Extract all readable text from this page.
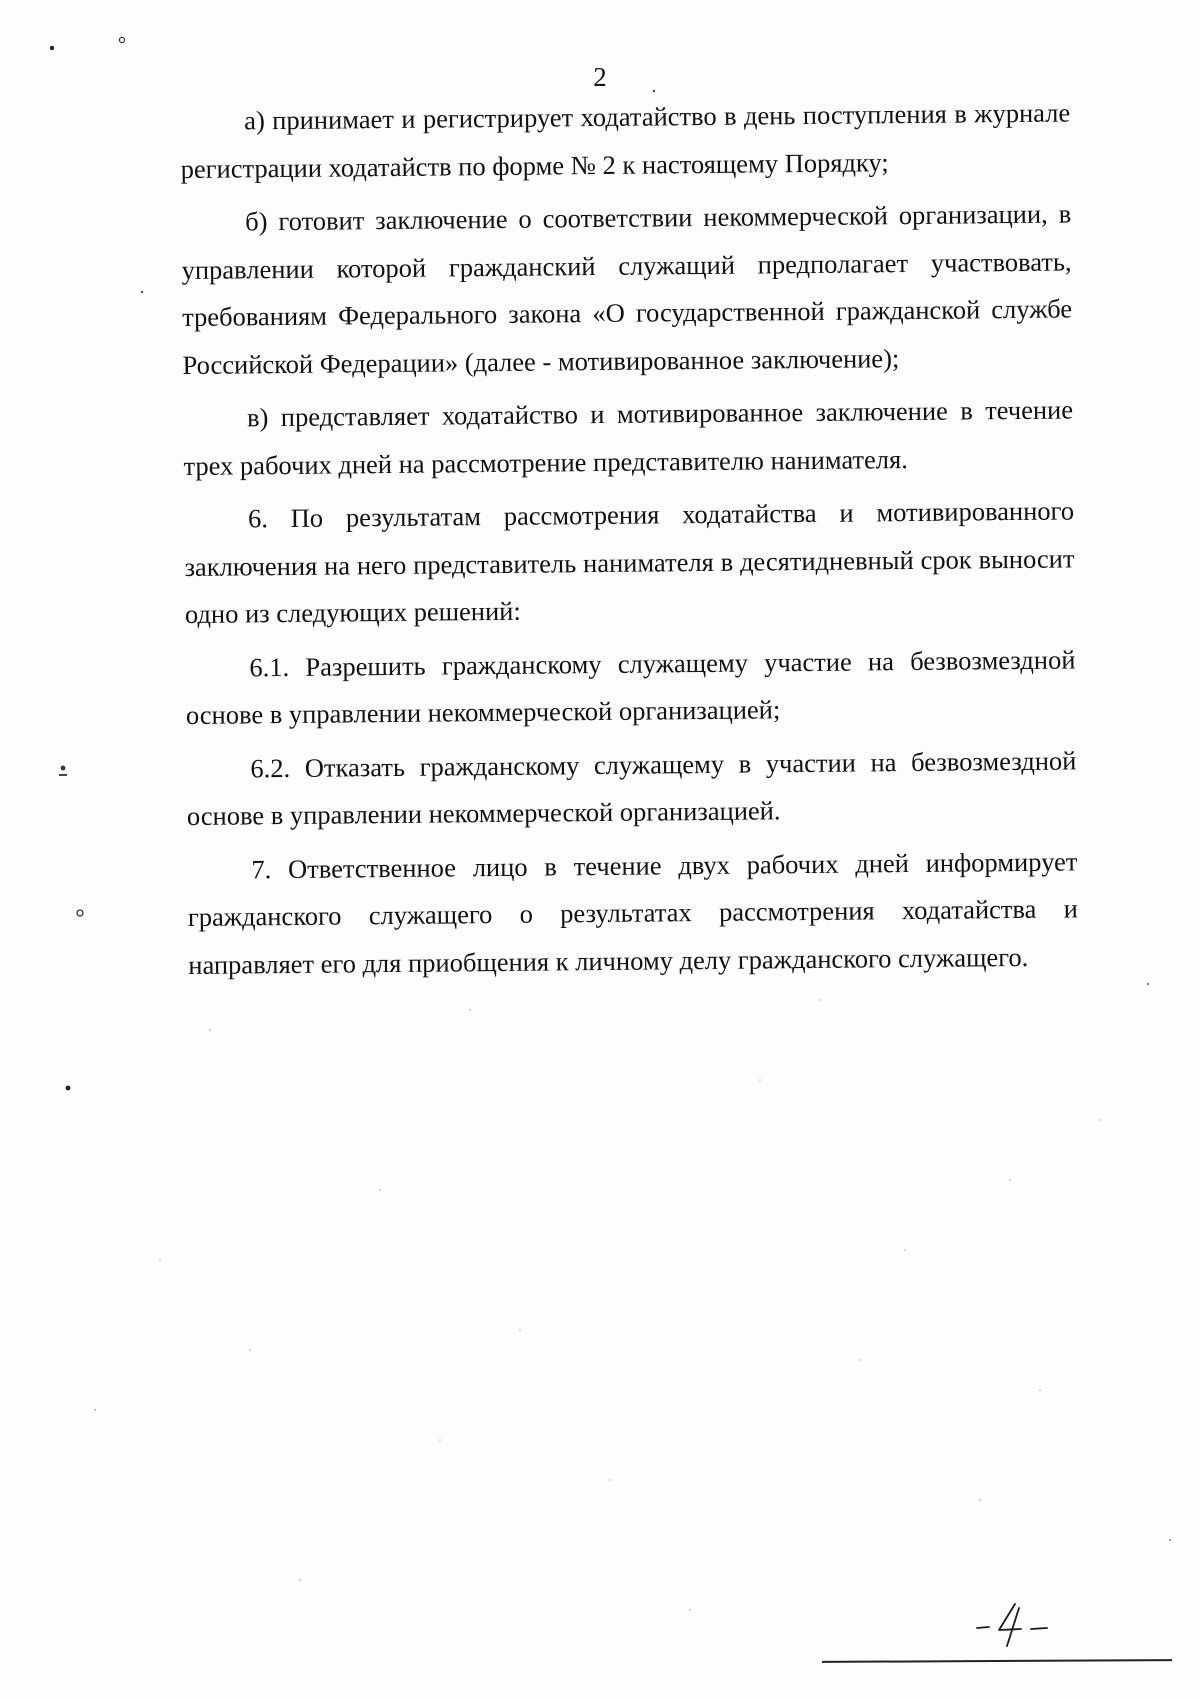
2

а) принимает и регистрирует ходатайство в день поступления в журнале регистрации ходатайств по форме № 2 к настоящему Порядку;

б) готовит заключение о соответствии некоммерческой организации, в управлении которой гражданский служащий предполагает участвовать, требованиям Федерального закона «О государственной гражданской службе Российской Федерации» (далее - мотивированное заключение);

в) представляет ходатайство и мотивированное заключение в течение трех рабочих дней на рассмотрение представителю нанимателя.

6. По результатам рассмотрения ходатайства и мотивированного заключения на него представитель нанимателя в десятидневный срок выносит одно из следующих решений:

6.1. Разрешить гражданскому служащему участие на безвозмездной основе в управлении некоммерческой организацией;

6.2. Отказать гражданскому служащему в участии на безвозмездной основе в управлении некоммерческой организацией.

7. Ответственное лицо в течение двух рабочих дней информирует гражданского служащего о результатах рассмотрения ходатайства и направляет его для приобщения к личному делу гражданского служащего.
